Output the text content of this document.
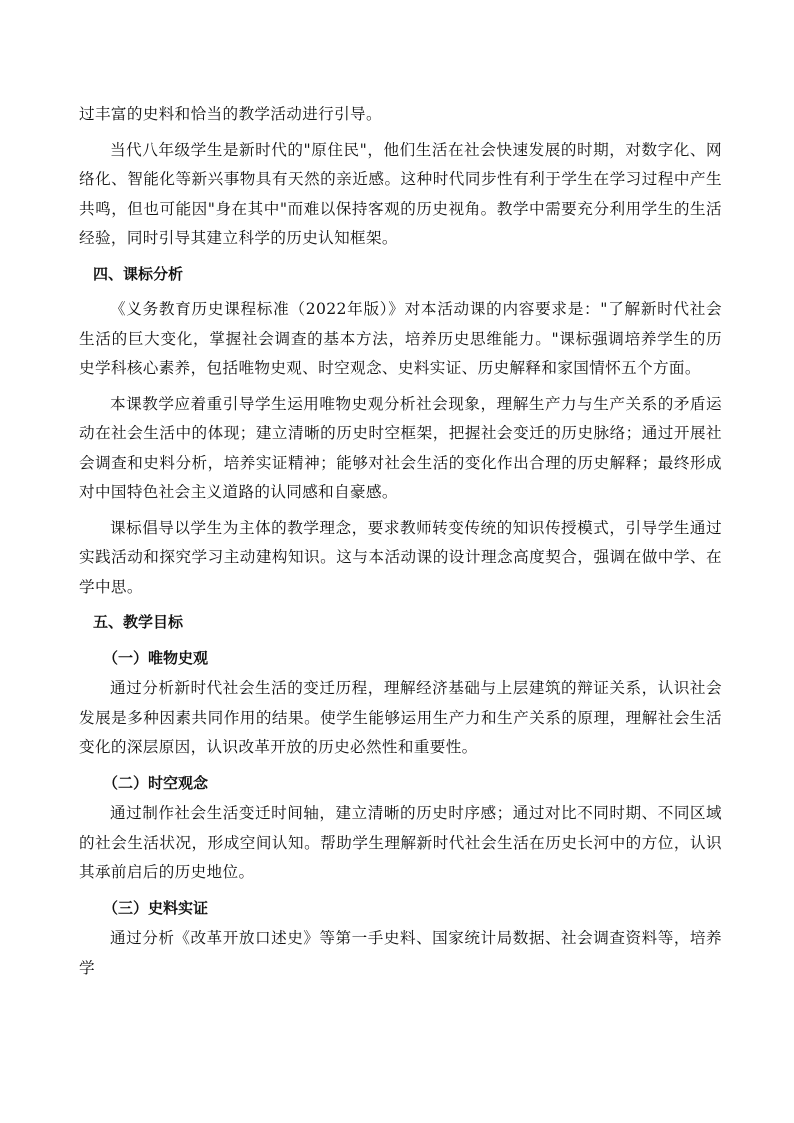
过丰富的史料和恰当的教学活动进行引导。

当代八年级学生是新时代的"原住民"，他们生活在社会快速发展的时期，对数字化、网络化、智能化等新兴事物具有天然的亲近感。这种时代同步性有利于学生在学习过程中产生共鸣，但也可能因"身在其中"而难以保持客观的历史视角。教学中需要充分利用学生的生活经验，同时引导其建立科学的历史认知框架。

四、课标分析

《义务教育历史课程标准（2022年版）》对本活动课的内容要求是："了解新时代社会生活的巨大变化，掌握社会调查的基本方法，培养历史思维能力。"课标强调培养学生的历史学科核心素养，包括唯物史观、时空观念、史料实证、历史解释和家国情怀五个方面。

本课教学应着重引导学生运用唯物史观分析社会现象，理解生产力与生产关系的矛盾运动在社会生活中的体现；建立清晰的历史时空框架，把握社会变迁的历史脉络；通过开展社会调查和史料分析，培养实证精神；能够对社会生活的变化作出合理的历史解释；最终形成对中国特色社会主义道路的认同感和自豪感。

课标倡导以学生为主体的教学理念，要求教师转变传统的知识传授模式，引导学生通过实践活动和探究学习主动建构知识。这与本活动课的设计理念高度契合，强调在做中学、在学中思。

五、教学目标
（一）唯物史观

通过分析新时代社会生活的变迁历程，理解经济基础与上层建筑的辩证关系，认识社会发展是多种因素共同作用的结果。使学生能够运用生产力和生产关系的原理，理解社会生活变化的深层原因，认识改革开放的历史必然性和重要性。

（二）时空观念

通过制作社会生活变迁时间轴，建立清晰的历史时序感；通过对比不同时期、不同区域的社会生活状况，形成空间认知。帮助学生理解新时代社会生活在历史长河中的方位，认识其承前启后的历史地位。

（三）史料实证

通过分析《改革开放口述史》等第一手史料、国家统计局数据、社会调查资料等，培养学
